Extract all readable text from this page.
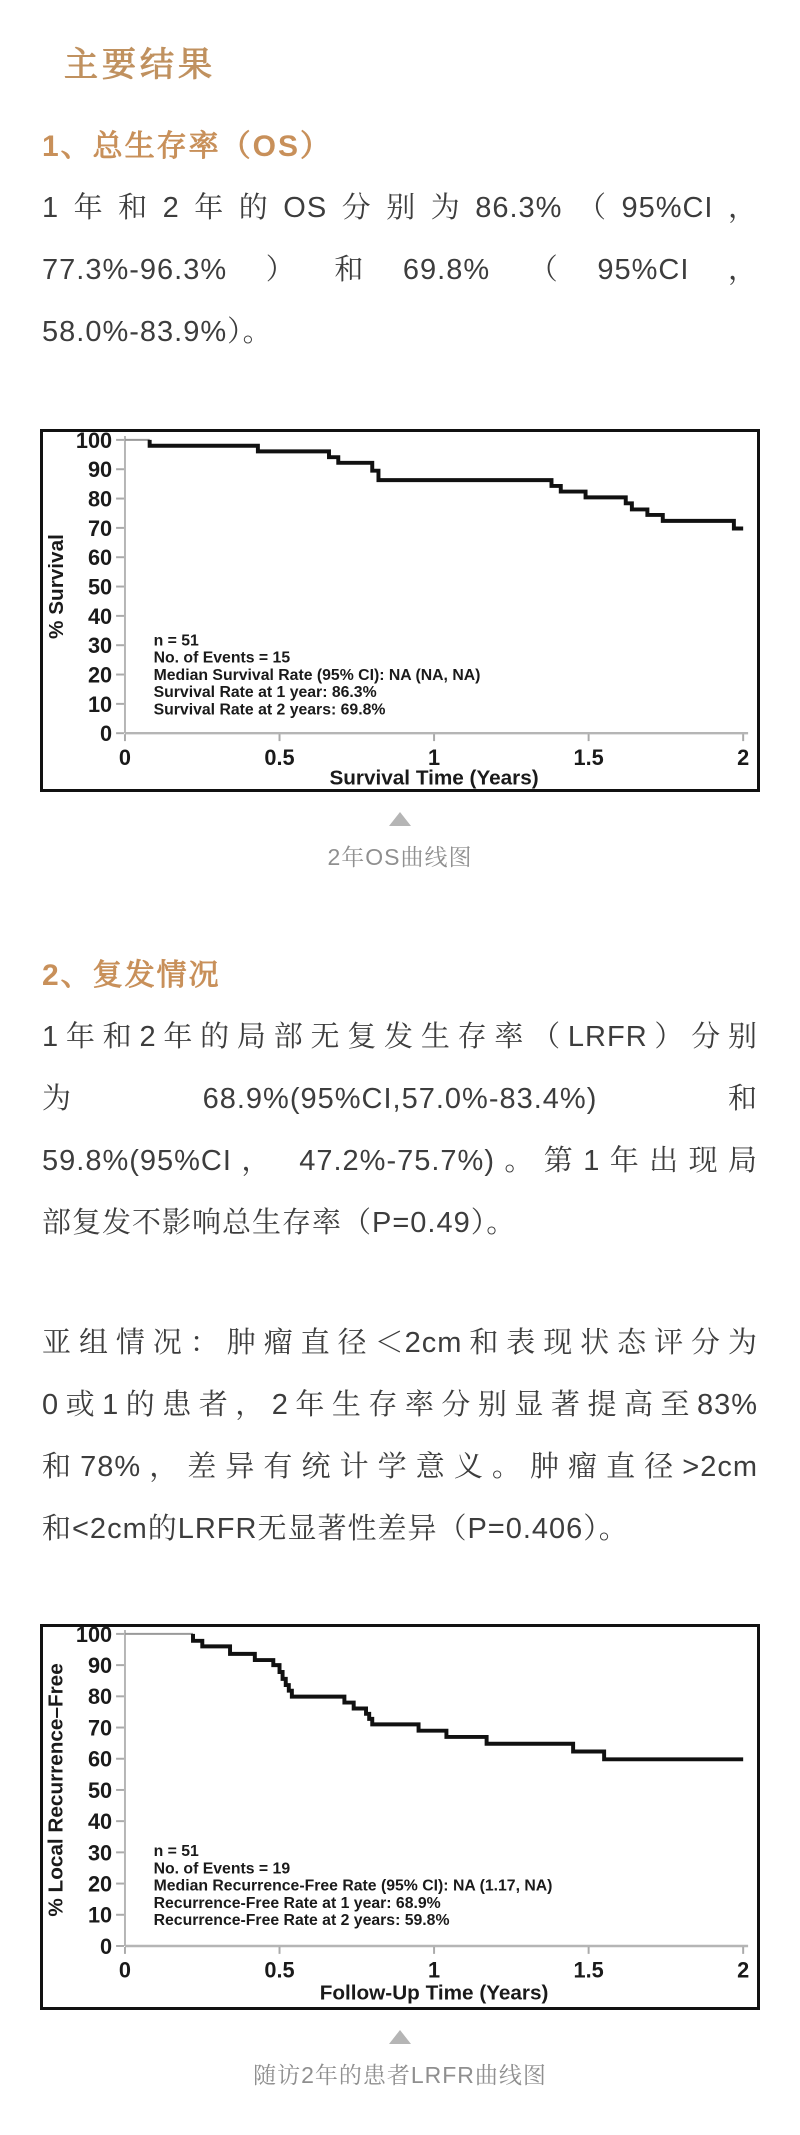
主要结果
1、总生存率（OS）
1年和2年的OS分别为86.3%（95%CI，
77.3%-96.3%）和69.8%（95%CI，
58.0%-83.9%）。
100
90
80
70
60
50
40
30
20
10
0
0	0.5	1	1.5	2
Survival Time (Years)
% Survival
n = 51
No. of Events = 15
Median Survival Rate (95% CI): NA (NA, NA)
Survival Rate at 1 year: 86.3%
Survival Rate at 2 years: 69.8%
2年OS曲线图
2、复发情况
1年和2年的局部无复发生存率（LRFR）分别
为68.9%(95%CI,57.0%-83.4%)和
59.8%(95%CI， 47.2%-75.7%)。第1年出现局
部复发不影响总生存率（P=0.49）。
亚组情况：肿瘤直径＜2cm和表现状态评分为
0或1的患者，2年生存率分别显著提高至83%
和78%，差异有统计学意义。肿瘤直径>2cm
和<2cm的LRFR无显著性差异（P=0.406）。
100
90
80
70
60
50
40
30
20
10
0
0	0.5	1	1.5	2
Follow-Up Time (Years)
% Local Recurrence–Free	n = 51
No. of Events = 19
Median Recurrence-Free Rate (95% CI): NA (1.17, NA)
Recurrence-Free Rate at 1 year: 68.9%
Recurrence-Free Rate at 2 years: 59.8%
随访2年的患者LRFR曲线图
